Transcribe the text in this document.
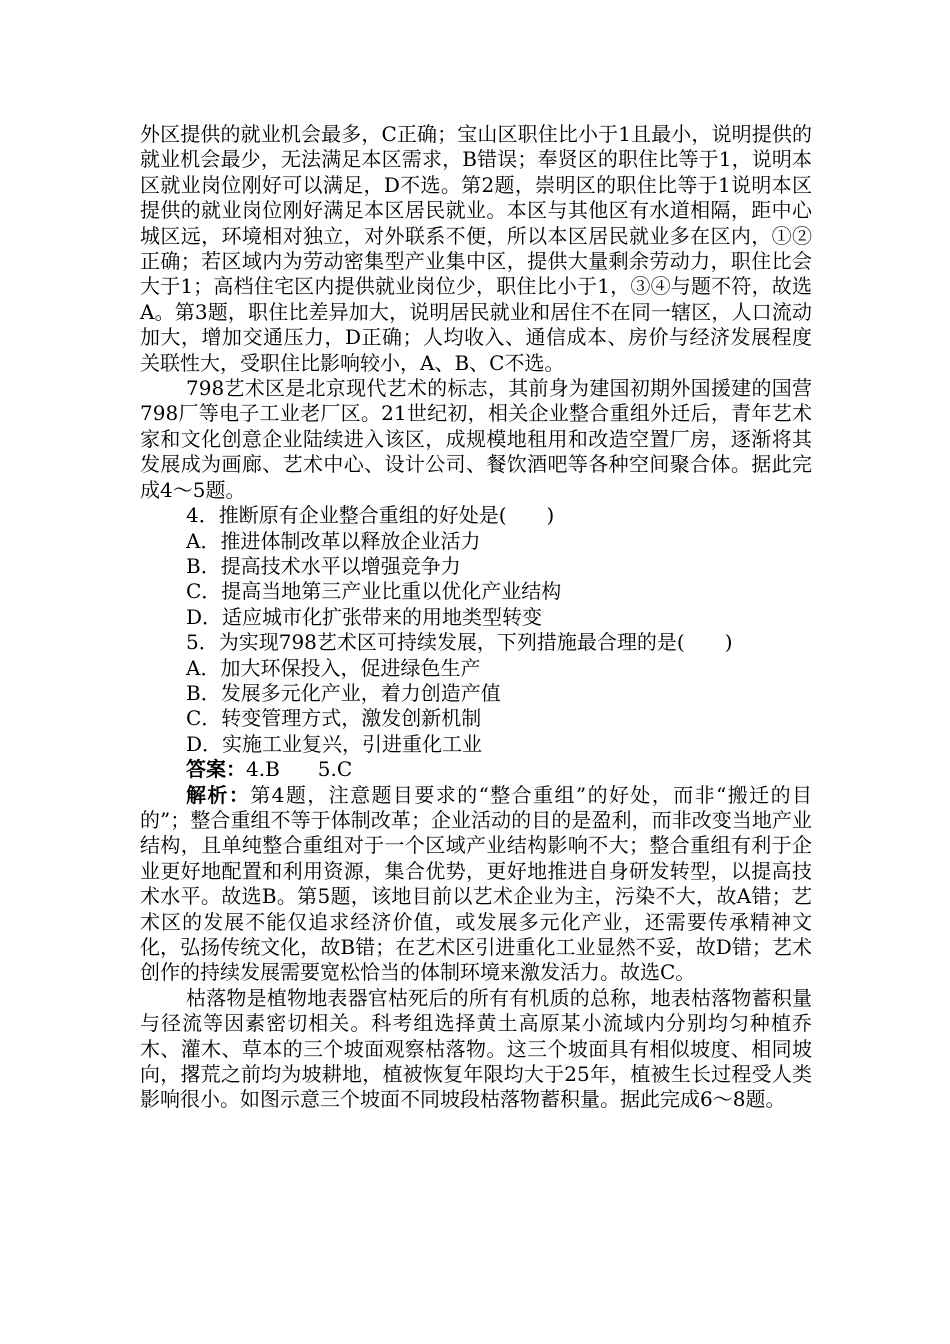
外区提供的就业机会最多，C正确；宝山区职住比小于1且最小，说明提供的就业机会最少，无法满足本区需求，B错误；奉贤区的职住比等于1，说明本区就业岗位刚好可以满足，D不选。第2题，崇明区的职住比等于1说明本区提供的就业岗位刚好满足本区居民就业。本区与其他区有水道相隔，距中心城区远，环境相对独立，对外联系不便，所以本区居民就业多在区内，①②正确；若区域内为劳动密集型产业集中区，提供大量剩余劳动力，职住比会大于1；高档住宅区内提供就业岗位少，职住比小于1，③④与题不符，故选A。第3题，职住比差异加大，说明居民就业和居住不在同一辖区，人口流动加大，增加交通压力，D正确；人均收入、通信成本、房价与经济发展程度关联性大，受职住比影响较小，A、B、C不选。

798艺术区是北京现代艺术的标志，其前身为建国初期外国援建的国营798厂等电子工业老厂区。21世纪初，相关企业整合重组外迁后，青年艺术家和文化创意企业陆续进入该区，成规模地租用和改造空置厂房，逐渐将其发展成为画廊、艺术中心、设计公司、餐饮酒吧等各种空间聚合体。据此完成4～5题。

4．推断原有企业整合重组的好处是(　　)

A．推进体制改革以释放企业活力

B．提高技术水平以增强竞争力

C．提高当地第三产业比重以优化产业结构

D．适应城市化扩张带来的用地类型转变

5．为实现798艺术区可持续发展，下列措施最合理的是(　　)

A．加大环保投入，促进绿色生产

B．发展多元化产业，着力创造产值

C．转变管理方式，激发创新机制

D．实施工业复兴，引进重化工业

答案：4.B 5.C

解析：第4题，注意题目要求的“整合重组”的好处，而非“搬迁的目的”；整合重组不等于体制改革；企业活动的目的是盈利，而非改变当地产业结构，且单纯整合重组对于一个区域产业结构影响不大；整合重组有利于企业更好地配置和利用资源，集合优势，更好地推进自身研发转型，以提高技术水平。故选B。第5题，该地目前以艺术企业为主，污染不大，故A错；艺术区的发展不能仅追求经济价值，或发展多元化产业，还需要传承精神文化，弘扬传统文化，故B错；在艺术区引进重化工业显然不妥，故D错；艺术创作的持续发展需要宽松恰当的体制环境来激发活力。故选C。

枯落物是植物地表器官枯死后的所有有机质的总称，地表枯落物蓄积量与径流等因素密切相关。科考组选择黄土高原某小流域内分别均匀种植乔木、灌木、草本的三个坡面观察枯落物。这三个坡面具有相似坡度、相同坡向，撂荒之前均为坡耕地，植被恢复年限均大于25年，植被生长过程受人类影响很小。如图示意三个坡面不同坡段枯落物蓄积量。据此完成6～8题。
